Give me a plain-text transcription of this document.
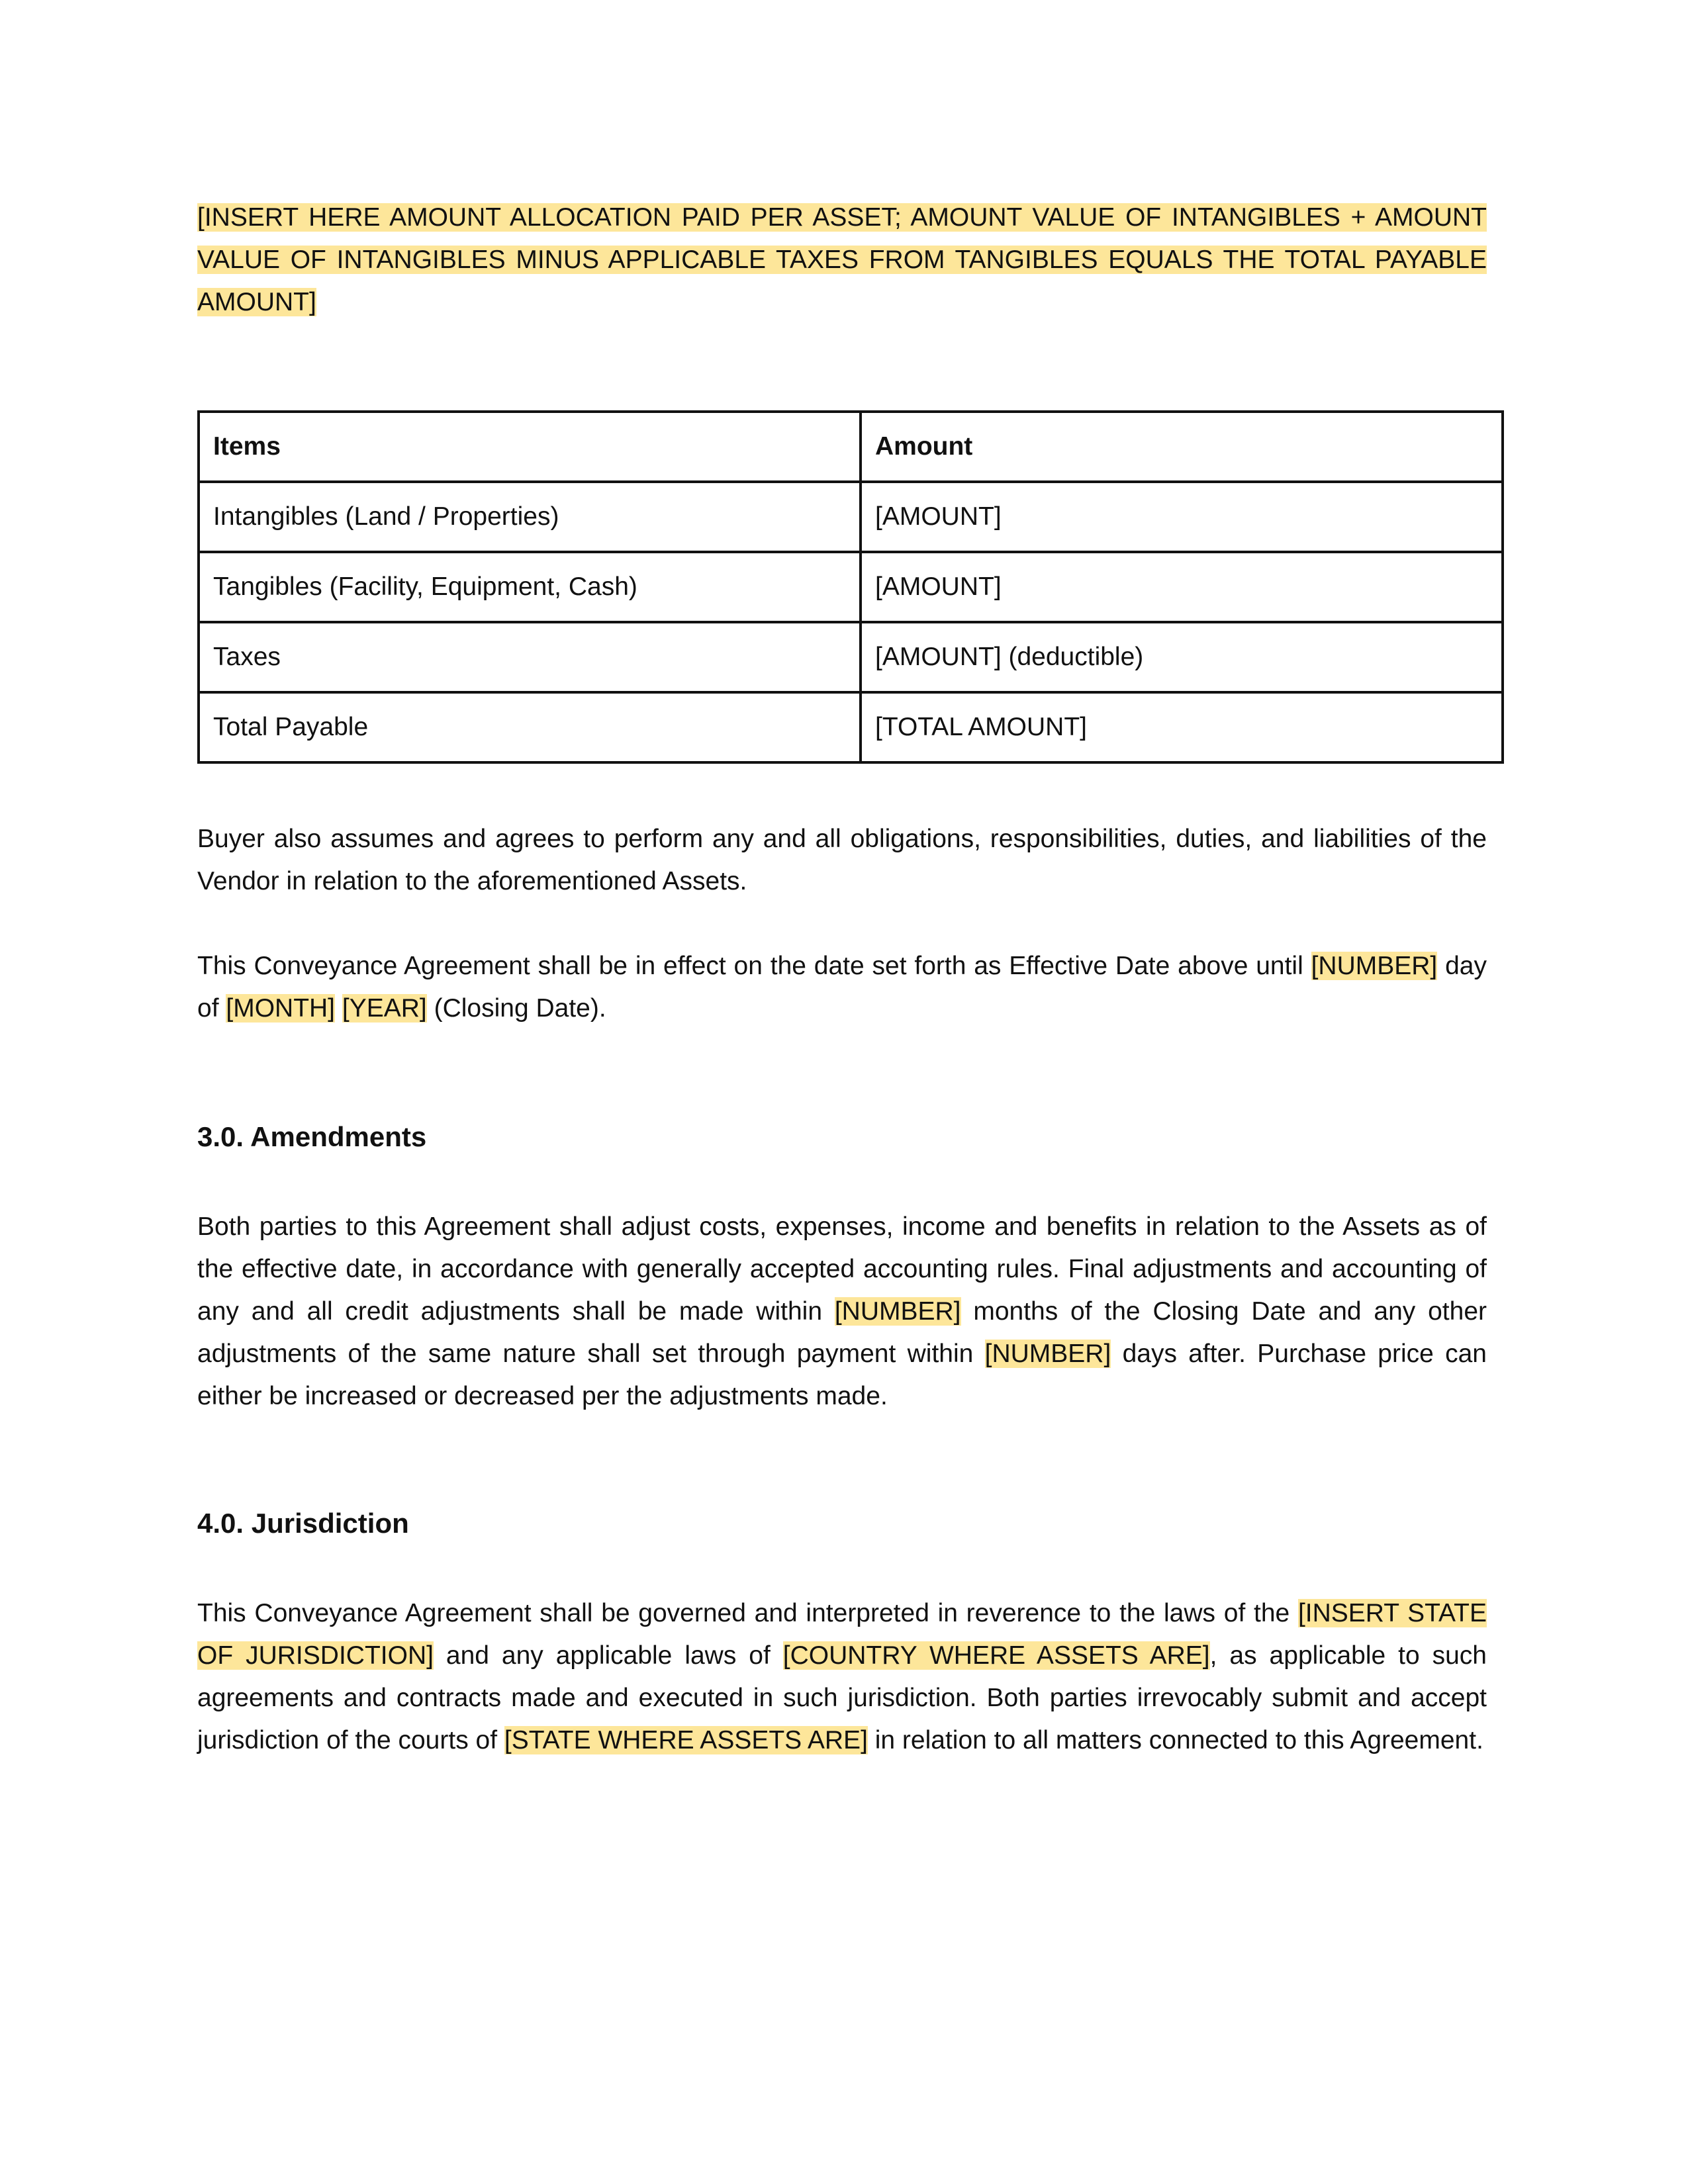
[INSERT HERE AMOUNT ALLOCATION PAID PER ASSET; AMOUNT VALUE OF INTANGIBLES + AMOUNT VALUE OF INTANGIBLES MINUS APPLICABLE TAXES FROM TANGIBLES EQUALS THE TOTAL PAYABLE AMOUNT]

Items	Amount
Intangibles (Land / Properties)	[AMOUNT]
Tangibles (Facility, Equipment, Cash)	[AMOUNT]
Taxes	[AMOUNT] (deductible)
Total Payable	[TOTAL AMOUNT]

Buyer also assumes and agrees to perform any and all obligations, responsibilities, duties, and liabilities of the Vendor in relation to the aforementioned Assets.

This Conveyance Agreement shall be in effect on the date set forth as Effective Date above until [NUMBER] day of [MONTH] [YEAR] (Closing Date).

3.0. Amendments

Both parties to this Agreement shall adjust costs, expenses, income and benefits in relation to the Assets as of the effective date, in accordance with generally accepted accounting rules. Final adjustments and accounting of any and all credit adjustments shall be made within [NUMBER] months of the Closing Date and any other adjustments of the same nature shall set through payment within [NUMBER] days after. Purchase price can either be increased or decreased per the adjustments made.

4.0. Jurisdiction

This Conveyance Agreement shall be governed and interpreted in reverence to the laws of the [INSERT STATE OF JURISDICTION] and any applicable laws of [COUNTRY WHERE ASSETS ARE], as applicable to such agreements and contracts made and executed in such jurisdiction. Both parties irrevocably submit and accept jurisdiction of the courts of [STATE WHERE ASSETS ARE] in relation to all matters connected to this Agreement.
